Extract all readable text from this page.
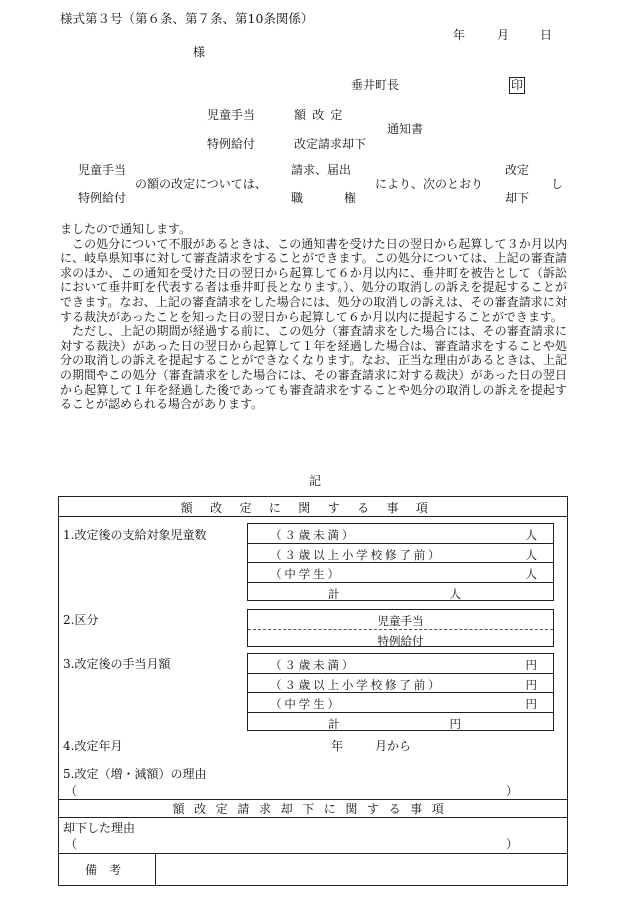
様式第３号（第６条、第７条、第10条関係）
年	月	日
様
垂井町長	印
児童手当	額 改 定
通知書
特例給付	改定請求却下
児童手当
特例給付
の額の改定については、
請求、届出
職	権
により、次のとおり
改定
却下
し

ましたので通知します。

この処分について不服があるときは、この通知書を受けた日の翌日から起算して３か月以内に、岐阜県知事に対して審査請求をすることができます。この処分については、上記の審査請求のほか、この通知を受けた日の翌日から起算して６か月以内に、垂井町を被告として（訴訟において垂井町を代表する者は垂井町長となります。）、処分の取消しの訴えを提起することができます。なお、上記の審査請求をした場合には、処分の取消しの訴えは、その審査請求に対する裁決があったことを知った日の翌日から起算して６か月以内に提起することができます。

ただし、上記の期間が経過する前に、この処分（審査請求をした場合には、その審査請求に対する裁決）があった日の翌日から起算して１年を経過した場合は、審査請求をすることや処分の取消しの訴えを提起することができなくなります。なお、正当な理由があるときは、上記の期間やこの処分（審査請求をした場合には、その審査請求に対する裁決）があった日の翌日から起算して１年を経過した後であっても審査請求をすることや処分の取消しの訴えを提起することが認められる場合があります。

記
額改定に関する事項
1.改定後の支給対象児童数	（３歳未満）	人
（３歳以上小学校修了前）	人
（中学生）	人
計	人
2.区分	児童手当
特例給付
3.改定後の手当月額	（３歳未満）	円
（３歳以上小学校修了前）	円
（中学生）	円
計	円
4.改定年月	年	月から
5.改定（増・減額）の理由
（	）
額改定請求却下に関する事項
却下した理由
（	）
備　考
